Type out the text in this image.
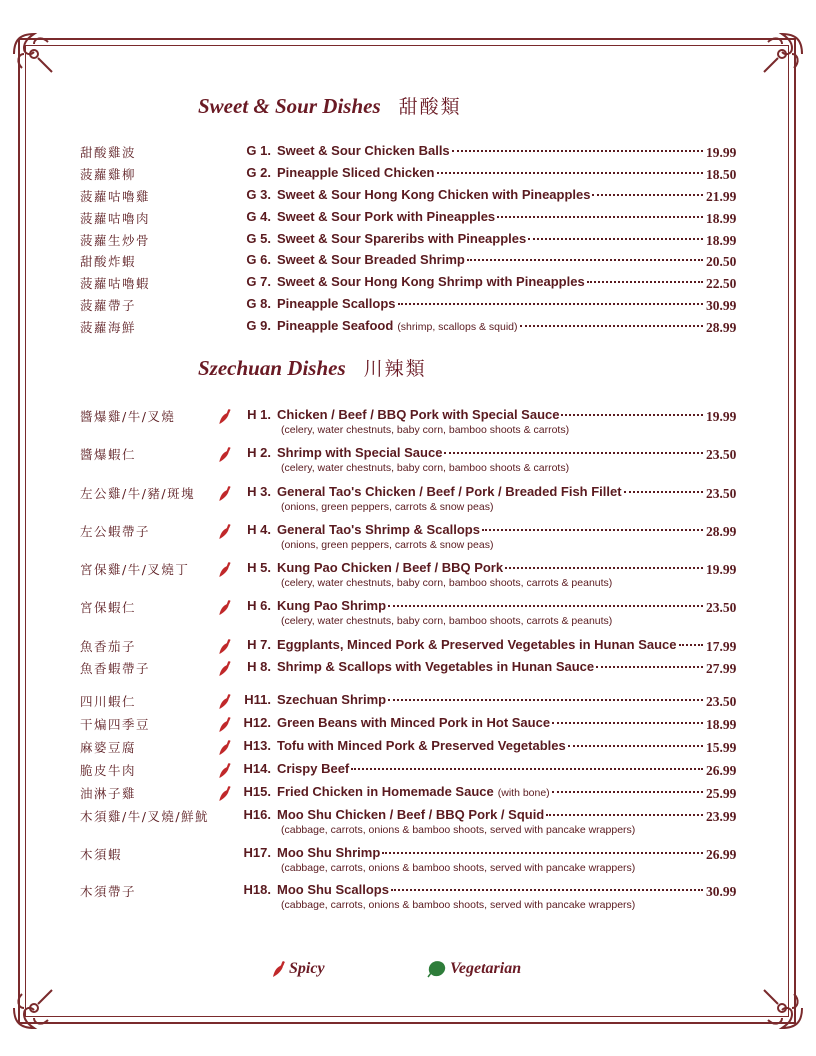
Sweet & Sour Dishes 甜酸類
Szechuan Dishes 川辣類
甜酸雞波	G 1. Sweet & Sour Chicken Balls	19.99
菠蘿雞柳	G 2. Pineapple Sliced Chicken	18.50
菠蘿咕嚕雞	G 3. Sweet & Sour Hong Kong Chicken with Pineapples	21.99
菠蘿咕嚕肉	G 4. Sweet & Sour Pork with Pineapples	18.99
菠蘿生炒骨	G 5. Sweet & Sour Spareribs with Pineapples	18.99
甜酸炸蝦	G 6. Sweet & Sour Breaded Shrimp	20.50
菠蘿咕嚕蝦	G 7. Sweet & Sour Hong Kong Shrimp with Pineapples	22.50
菠蘿帶子	G 8. Pineapple Scallops	30.99
菠蘿海鮮	G 9. Pineapple Seafood (shrimp, scallops & squid)	28.99
醬爆雞/牛/叉燒	H 1. Chicken / Beef / BBQ Pork with Special Sauce	19.99
(celery, water chestnuts, baby corn, bamboo shoots & carrots)
醬爆蝦仁	H 2. Shrimp with Special Sauce	23.50
(celery, water chestnuts, baby corn, bamboo shoots & carrots)
左公雞/牛/豬/斑塊	H 3. General Tao's Chicken / Beef / Pork / Breaded Fish Fillet	23.50
(onions, green peppers, carrots & snow peas)
左公蝦帶子	H 4. General Tao's Shrimp & Scallops	28.99
(onions, green peppers, carrots & snow peas)
宮保雞/牛/叉燒丁	H 5. Kung Pao Chicken / Beef / BBQ Pork	19.99
(celery, water chestnuts, baby corn, bamboo shoots, carrots & peanuts)
宮保蝦仁	H 6. Kung Pao Shrimp	23.50
(celery, water chestnuts, baby corn, bamboo shoots, carrots & peanuts)
魚香茄子	H 7. Eggplants, Minced Pork & Preserved Vegetables in Hunan Sauce 17.99
魚香蝦帶子	H 8. Shrimp & Scallops with Vegetables in Hunan Sauce	27.99
四川蝦仁	H11. Szechuan Shrimp	23.50
干煸四季豆	H12. Green Beans with Minced Pork in Hot Sauce	18.99
麻婆豆腐	H13. Tofu with Minced Pork & Preserved Vegetables	15.99
脆皮牛肉	H14. Crispy Beef	26.99
油淋子雞	H15. Fried Chicken in Homemade Sauce (with bone)	25.99
木須雞/牛/叉燒/鮮魷	H16. Moo Shu Chicken / Beef / BBQ Pork / Squid	23.99
(cabbage, carrots, onions & bamboo shoots, served with pancake wrappers)
木須蝦	H17. Moo Shu Shrimp	26.99
(cabbage, carrots, onions & bamboo shoots, served with pancake wrappers)
木須帶子	H18. Moo Shu Scallops	30.99
(cabbage, carrots, onions & bamboo shoots, served with pancake wrappers)
Spicy	Vegetarian
